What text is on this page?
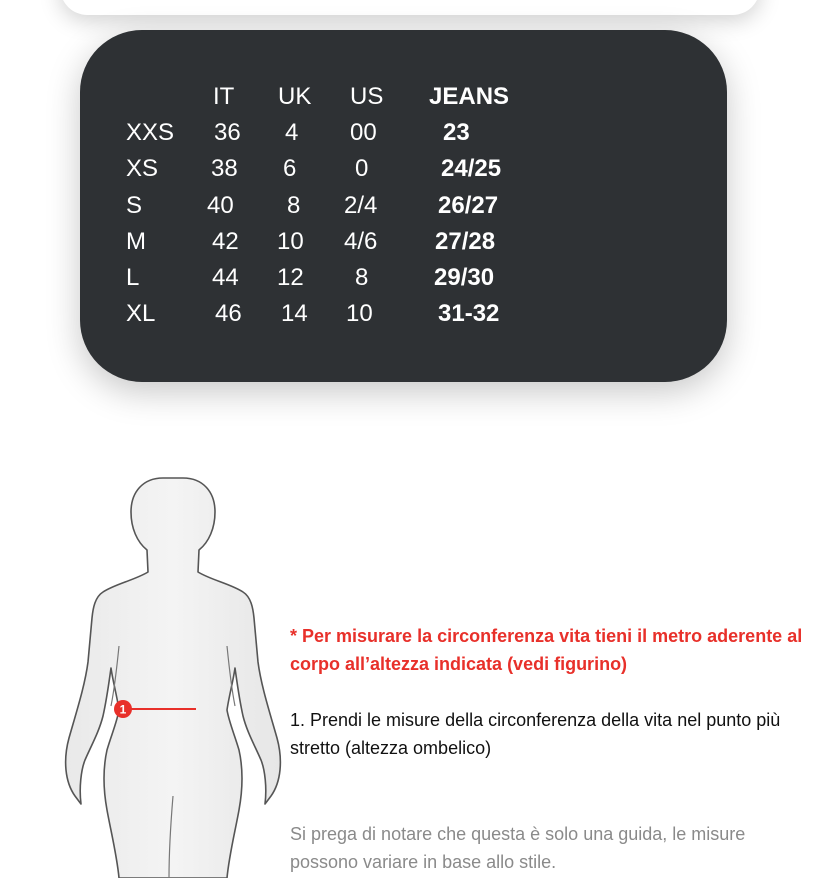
IT UK US JEANS
XXS 36 4 00	23
XS 38 6 0	24/25
S	40 8 2/4	26/27
M	42 10 4/6 27/28
L	44 12 8	29/30
XL 46 14 10	31-32
1
* Per misurare la circonferenza vita tieni il metro aderente al corpo all’altezza indicata (vedi figurino)
1. Prendi le misure della circonferenza della vita nel punto più stretto (altezza ombelico)
Si prega di notare che questa è solo una guida, le misure possono variare in base allo stile.
